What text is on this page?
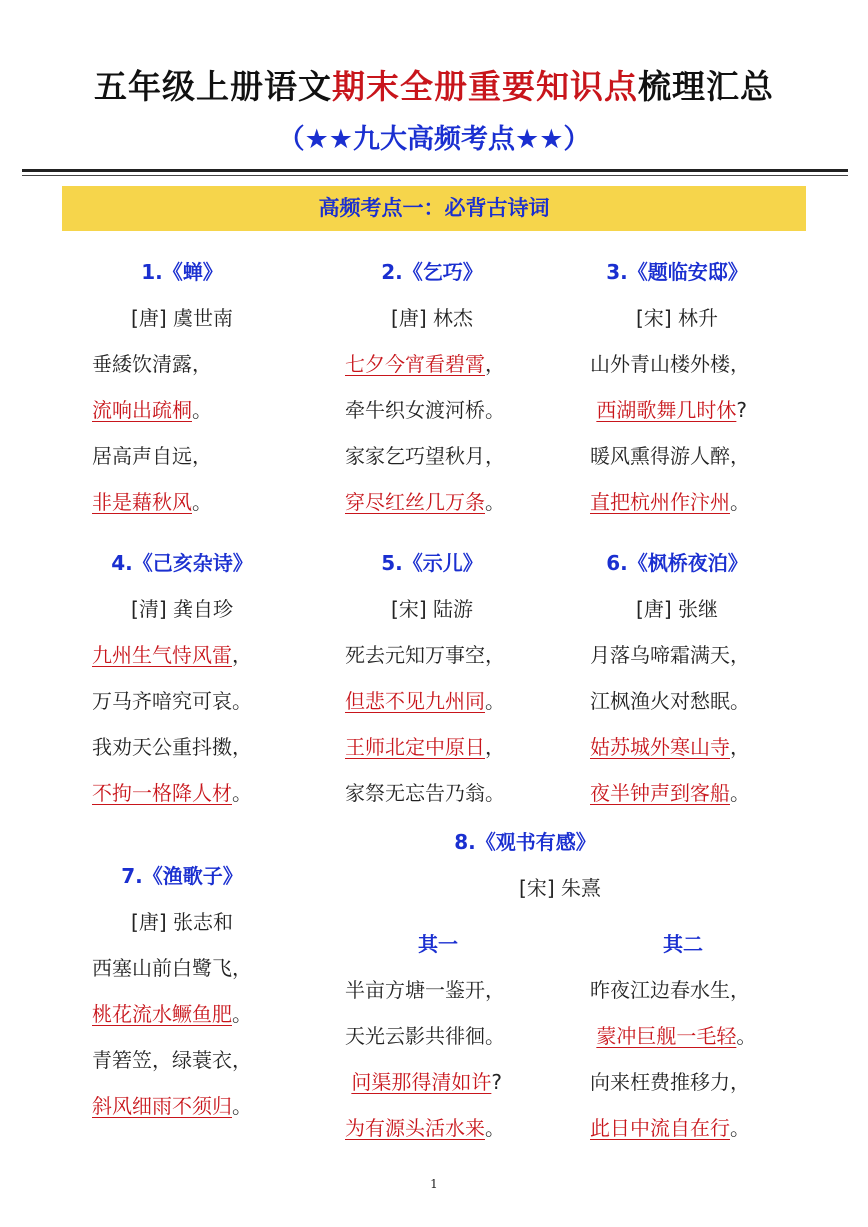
五年级上册语文期末全册重要知识点梳理汇总
（★★九大高频考点★★）
高频考点一：必背古诗词
1.《蝉》
[唐] 虞世南
垂緌饮清露，
流响出疏桐。
居高声自远，
非是藉秋风。
2.《乞巧》
[唐] 林杰
七夕今宵看碧霄，
牵牛织女渡河桥。
家家乞巧望秋月，
穿尽红丝几万条。
3.《题临安邸》
[宋] 林升
山外青山楼外楼，
西湖歌舞几时休?
暖风熏得游人醉，
直把杭州作汴州。
4.《己亥杂诗》
[清] 龚自珍
九州生气恃风雷，
万马齐喑究可哀。
我劝天公重抖擞，
不拘一格降人材。
5.《示儿》
[宋] 陆游
死去元知万事空，
但悲不见九州同。
王师北定中原日，
家祭无忘告乃翁。
6.《枫桥夜泊》
[唐] 张继
月落乌啼霜满天，
江枫渔火对愁眠。
姑苏城外寒山寺，
夜半钟声到客船。
7.《渔歌子》
[唐] 张志和
西塞山前白鹭飞，
桃花流水鳜鱼肥。
青箬笠，绿蓑衣，
斜风细雨不须归。
8.《观书有感》
[宋] 朱熹
其一
半亩方塘一鉴开，
天光云影共徘徊。
问渠那得清如许?
为有源头活水来。
其二
昨夜江边春水生，
蒙冲巨舰一毛轻。
向来枉费推移力，
此日中流自在行。
1
